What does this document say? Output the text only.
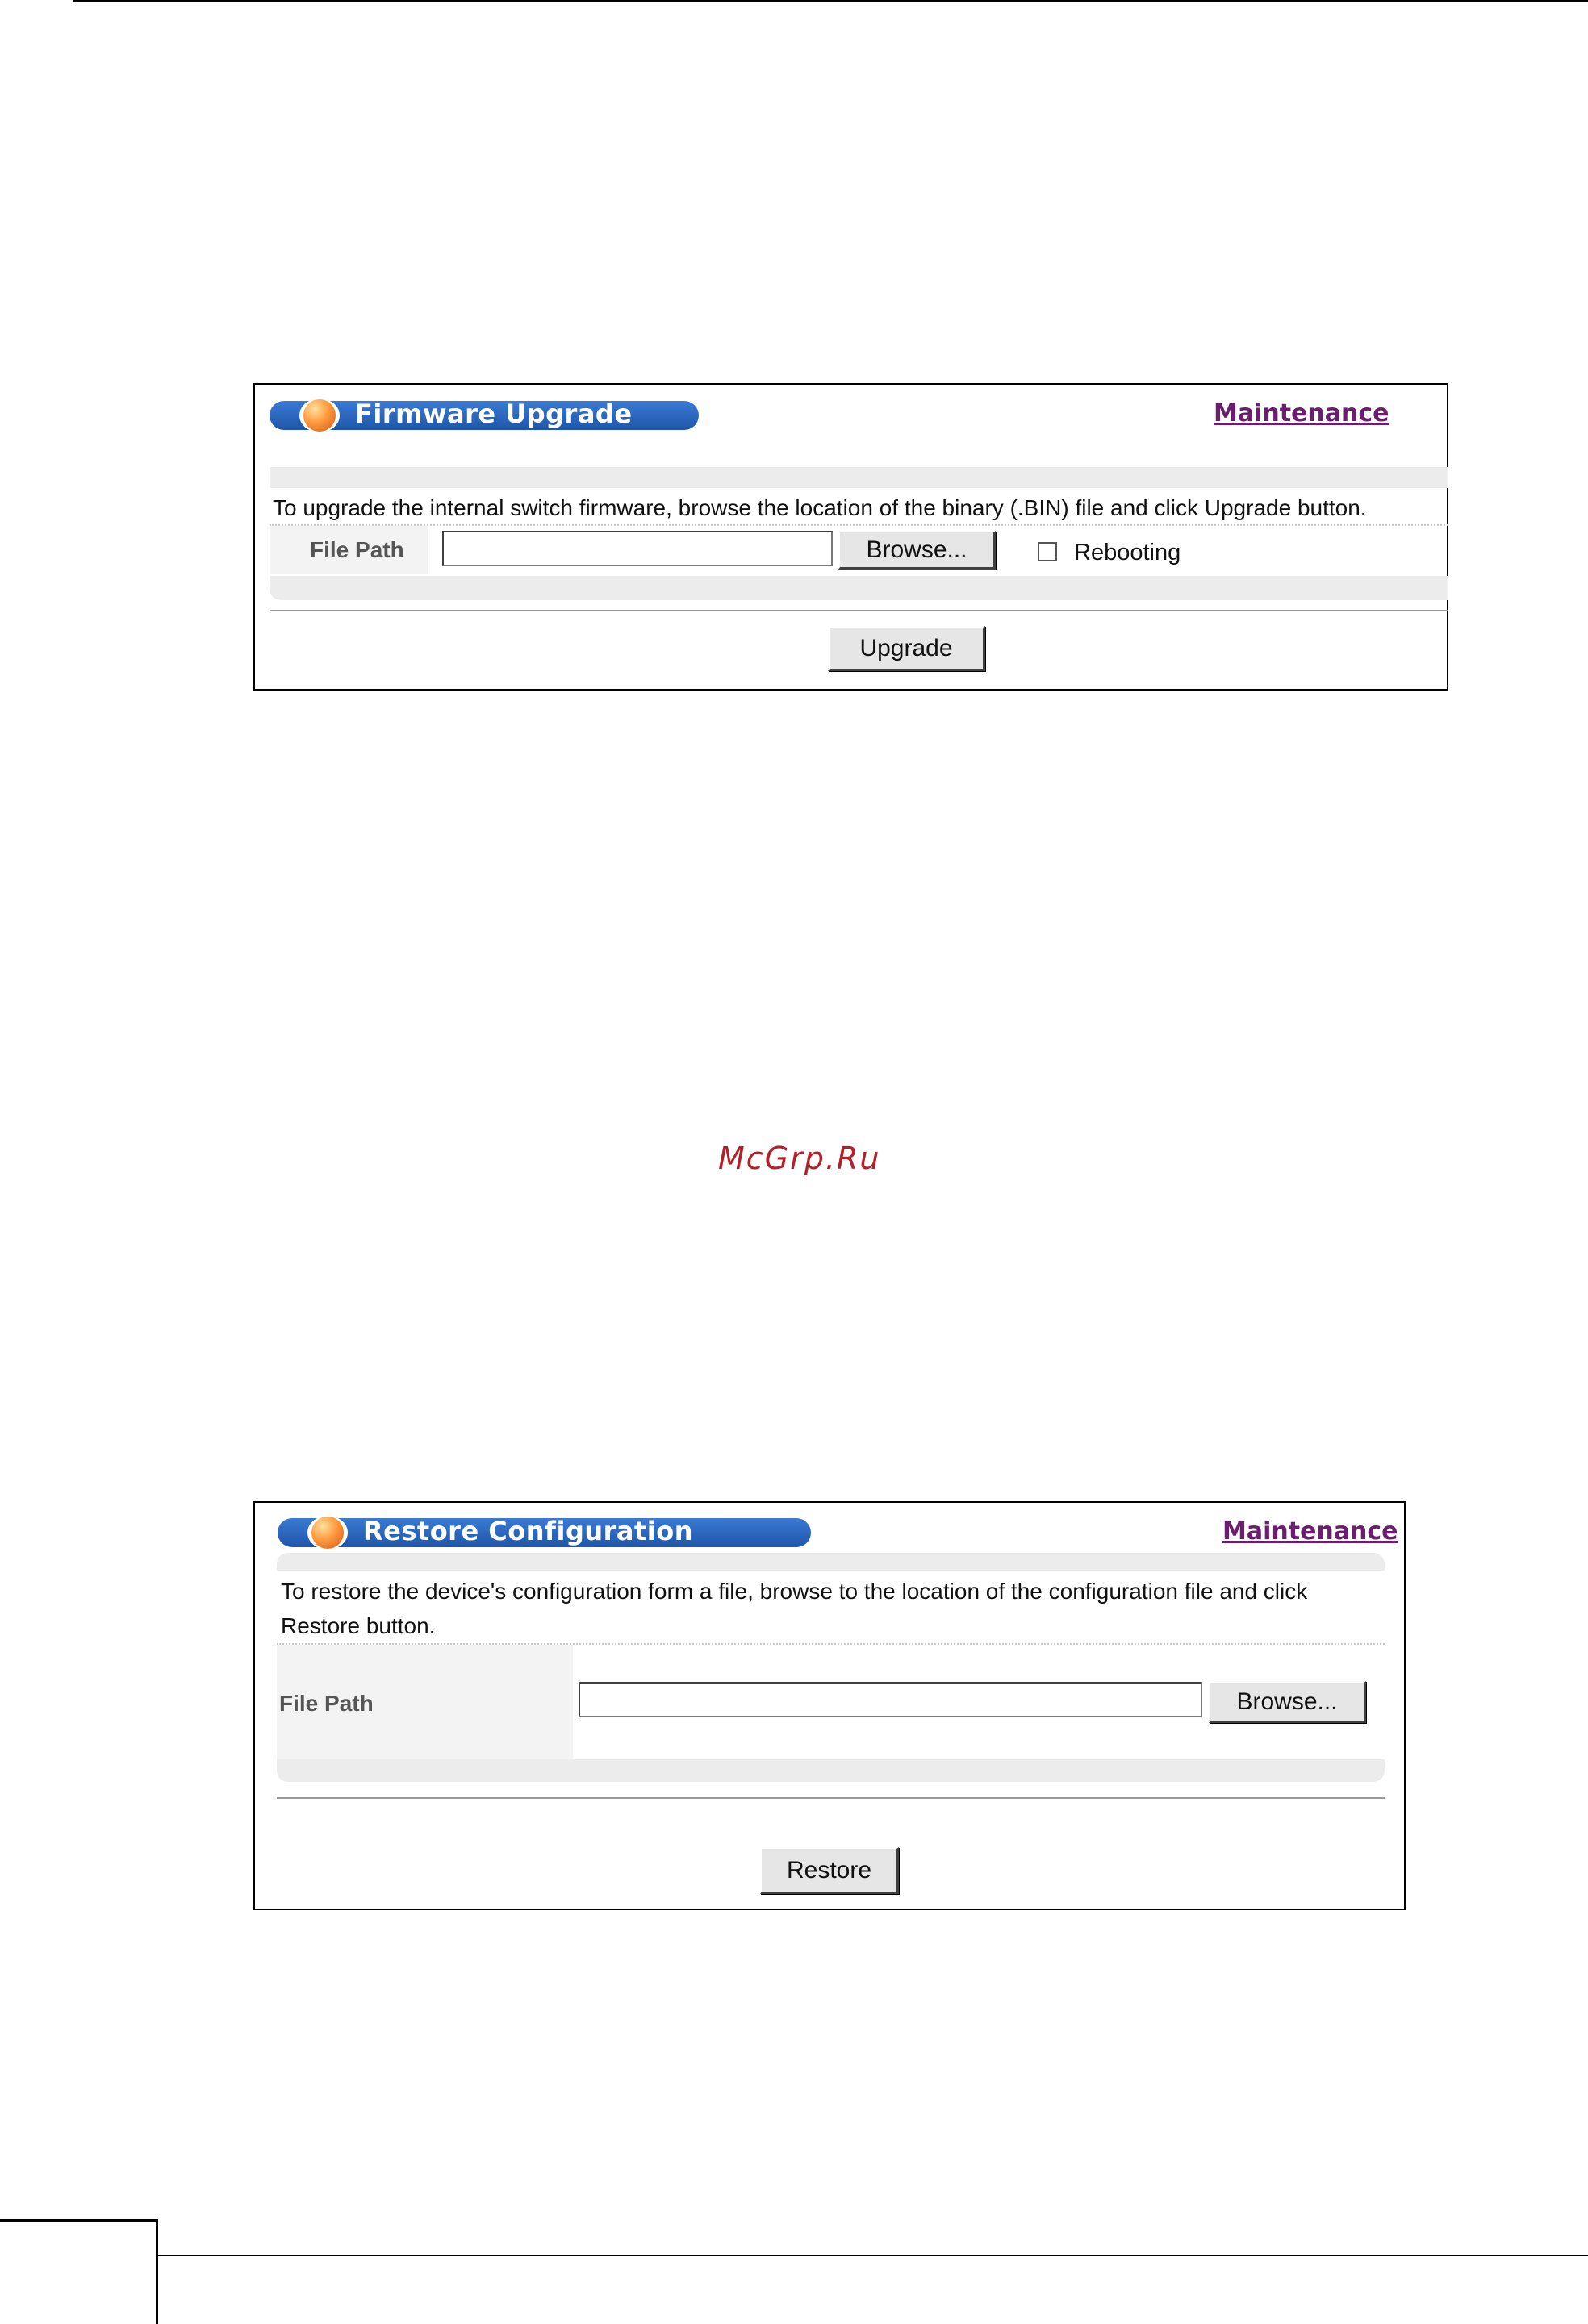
Firmware Upgrade	Maintenance
To upgrade the internal switch firmware, browse the location of the binary (.BIN) file and click Upgrade button.
File Path	Browse...	Rebooting
Upgrade
McGrp.Ru
Restore Configuration	Maintenance
To restore the device's configuration form a file, browse to the location of the configuration file and click
Restore button.
File Path	Browse...
Restore
